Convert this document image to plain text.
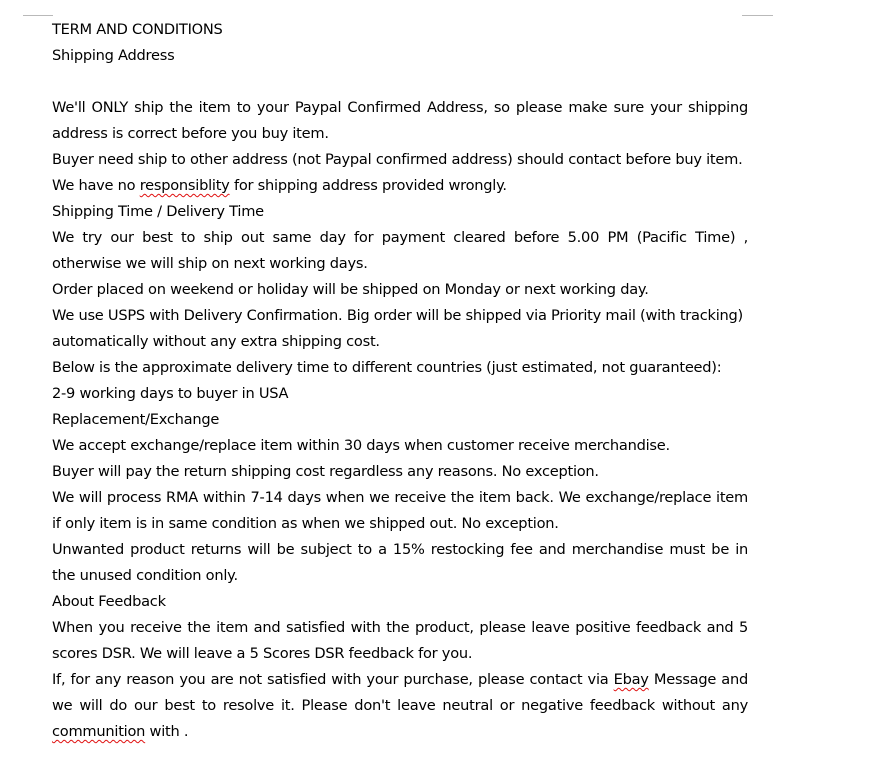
TERM AND CONDITIONS
Shipping Address
We'll ONLY ship the item to your Paypal Confirmed Address, so please make sure your shipping
address is correct before you buy item.
Buyer need ship to other address (not Paypal confirmed address) should contact before buy item.
We have no responsiblity for shipping address provided wrongly.
Shipping Time / Delivery Time
We try our best to ship out same day for payment cleared before 5.00 PM (Pacific Time) ,
otherwise we will ship on next working days.
Order placed on weekend or holiday will be shipped on Monday or next working day.
We use USPS with Delivery Confirmation. Big order will be shipped via Priority mail (with tracking)
automatically without any extra shipping cost.
Below is the approximate delivery time to different countries (just estimated, not guaranteed):
2-9 working days to buyer in USA
Replacement/Exchange
We accept exchange/replace item within 30 days when customer receive merchandise.
Buyer will pay the return shipping cost regardless any reasons. No exception.
We will process RMA within 7-14 days when we receive the item back. We exchange/replace item
if only item is in same condition as when we shipped out. No exception.
Unwanted product returns will be subject to a 15% restocking fee and merchandise must be in
the unused condition only.
About Feedback
When you receive the item and satisfied with the product, please leave positive feedback and 5
scores DSR. We will leave a 5 Scores DSR feedback for you.
If, for any reason you are not satisfied with your purchase, please contact via Ebay Message and
we will do our best to resolve it. Please don't leave neutral or negative feedback without any
communition with .
